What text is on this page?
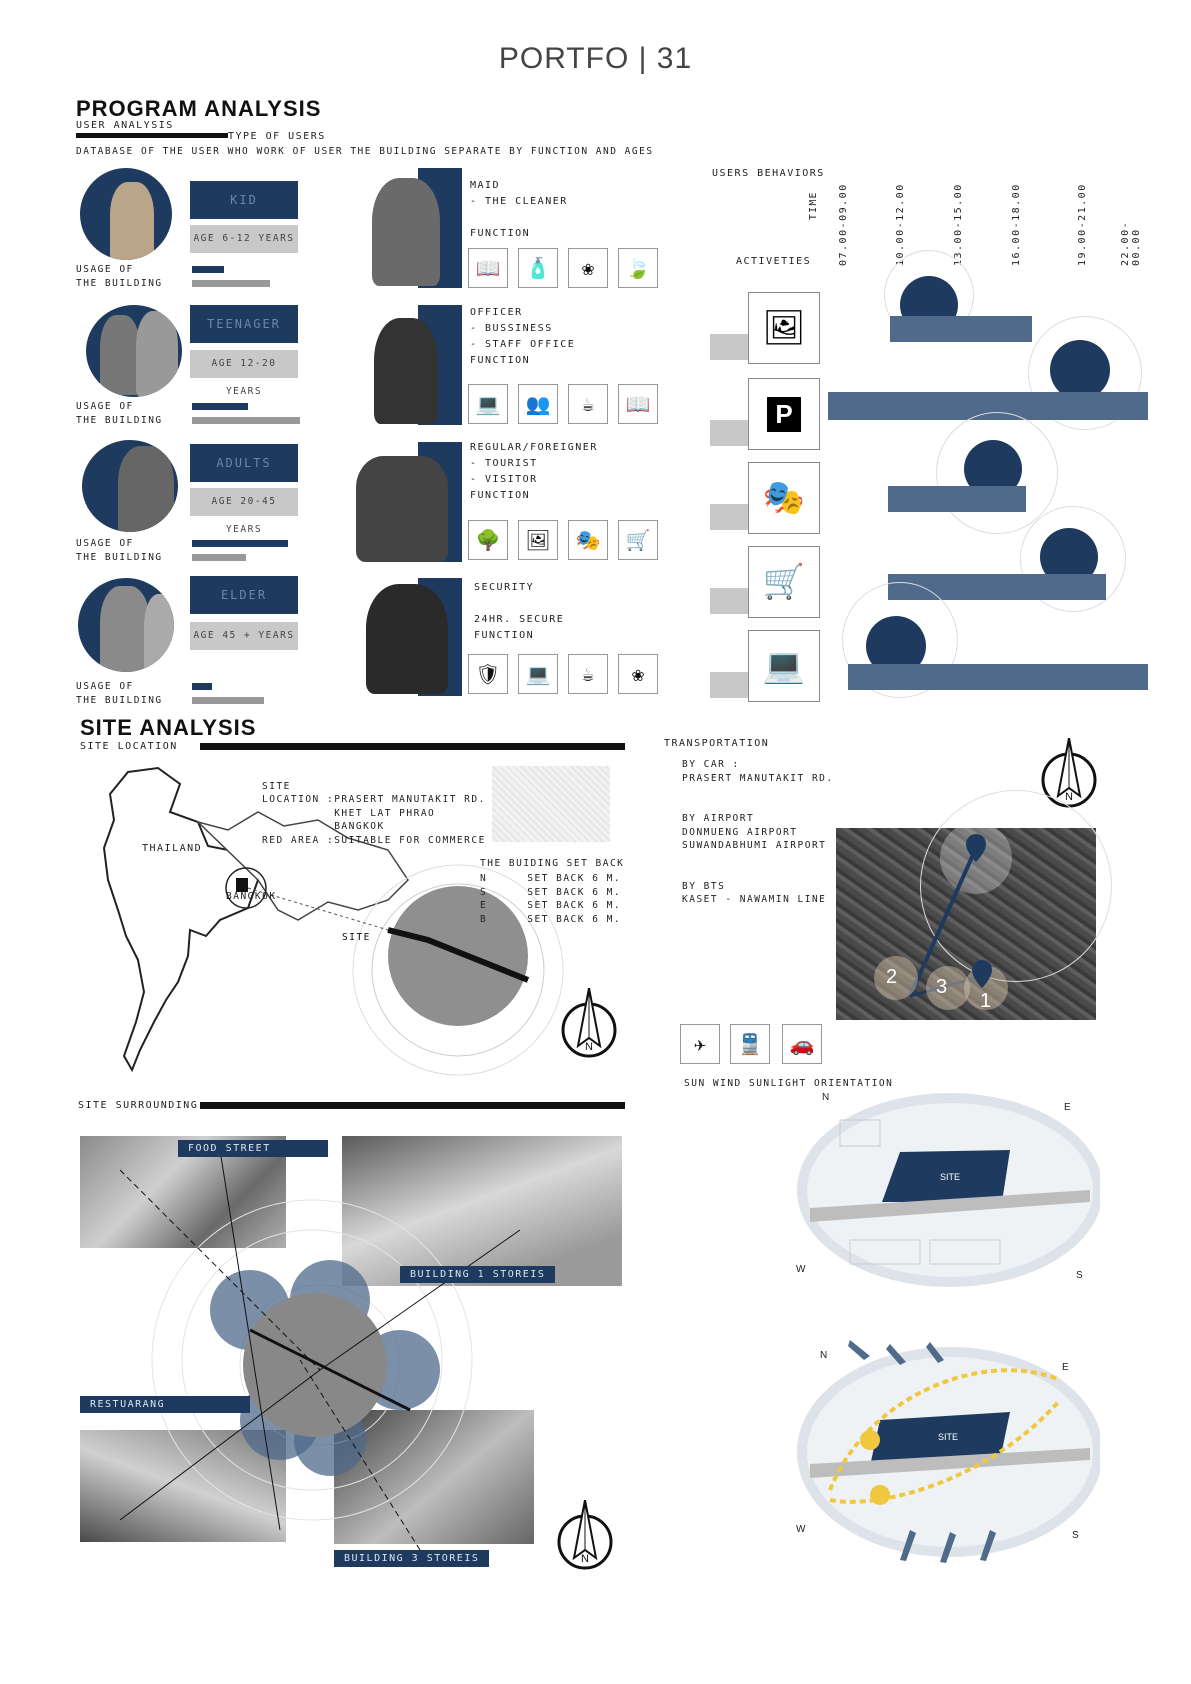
PORTFO | 31
PROGRAM ANALYSIS
USER ANALYSIS
TYPE OF USERS
DATABASE OF THE USER WHO WORK OF USER THE BUILDING SEPARATE BY FUNCTION AND AGES
KID
AGE 6-12 YEARS
USAGE OF
THE BUILDING
TEENAGER
AGE 12-20 YEARS
USAGE OF
THE BUILDING
ADULTS
AGE 20-45 YEARS
USAGE OF
THE BUILDING
ELDER
AGE 45 + YEARS
USAGE OF
THE BUILDING
MAID
- THE CLEANER
FUNCTION
📖	🧴	❀	🍃
OFFICER
- BUSSINESS
- STAFF OFFICE
FUNCTION
💻	👥	☕	📖
REGULAR/FOREIGNER
- TOURIST
- VISITOR
FUNCTION
🌳	🖼	🎭	🛒
SECURITY
24HR. SECURE
FUNCTION
🛡	💻	☕	❀
USERS BEHAVIORS
ACTIVETIES
TIME 07.00-09.00	10.00-12.00	13.00-15.00	16.00-18.00	19.00-21.00	22.00-00.00
🖼
P
🎭
🛒
💻
SITE ANALYSIS
SITE LOCATION
THAILAND
BANGKOK
SITE

SITE
LOCATION :PRASERT MANUTAKIT RD.
KHET LAT PHRAO
BANGKOK
RED AREA :SUITABLE FOR COMMERCE
THE BUIDING SET BACK
N	SET BACK 6 M.
S	SET BACK 6 M.
E	SET BACK 6 M.
B	SET BACK 6 M.
N
TRANSPORTATION
BY CAR :
PRASERT MANUTAKIT RD.
BY AIRPORT
DONMUENG AIRPORT
SUWANDABHUMI AIRPORT
BY BTS
KASET - NAWAMIN LINE
N
2 3
1
✈	🚆	🚗
SUN WIND SUNLIGHT ORIENTATION
N
E
W
S
SITE
N
E
W
S
SITE
SITE SURROUNDING
FOOD STREET
BUILDING 1 STOREIS
RESTUARANG
BUILDING 3 STOREIS	N
